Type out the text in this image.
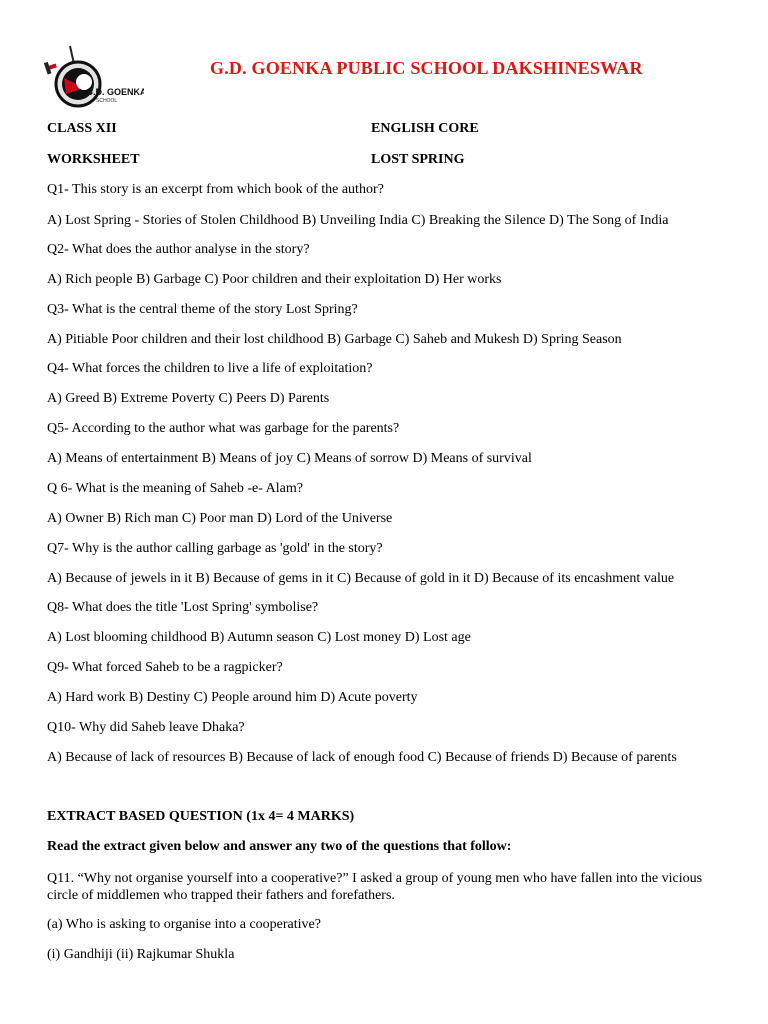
G.D. GOENKA
SCHOOL
G.D. GOENKA PUBLIC SCHOOL DAKSHINESWAR
CLASS XII	ENGLISH CORE
WORKSHEET	LOST SPRING
Q1- This story is an excerpt from which book of the author?
A) Lost Spring - Stories of Stolen Childhood B) Unveiling India C) Breaking the Silence D) The Song of India
Q2- What does the author analyse in the story?
A) Rich people B) Garbage C) Poor children and their exploitation D) Her works
Q3- What is the central theme of the story Lost Spring?
A) Pitiable Poor children and their lost childhood B) Garbage C) Saheb and Mukesh D) Spring Season
Q4- What forces the children to live a life of exploitation?
A) Greed B) Extreme Poverty C) Peers D) Parents
Q5- According to the author what was garbage for the parents?
A) Means of entertainment B) Means of joy C) Means of sorrow D) Means of survival
Q 6- What is the meaning of Saheb -e- Alam?
A) Owner B) Rich man C) Poor man D) Lord of the Universe
Q7- Why is the author calling garbage as 'gold' in the story?
A) Because of jewels in it B) Because of gems in it C) Because of gold in it D) Because of its encashment value
Q8- What does the title 'Lost Spring' symbolise?
A) Lost blooming childhood B) Autumn season C) Lost money D) Lost age
Q9- What forced Saheb to be a ragpicker?
A) Hard work B) Destiny C) People around him D) Acute poverty
Q10- Why did Saheb leave Dhaka?
A) Because of lack of resources B) Because of lack of enough food C) Because of friends D) Because of parents
EXTRACT BASED QUESTION (1x 4= 4 MARKS)
Read the extract given below and answer any two of the questions that follow:
Q11. “Why not organise yourself into a cooperative?” I asked a group of young men who have fallen into the vicious circle of middlemen who trapped their fathers and forefathers.
(a) Who is asking to organise into a cooperative?
(i) Gandhiji (ii) Rajkumar Shukla
